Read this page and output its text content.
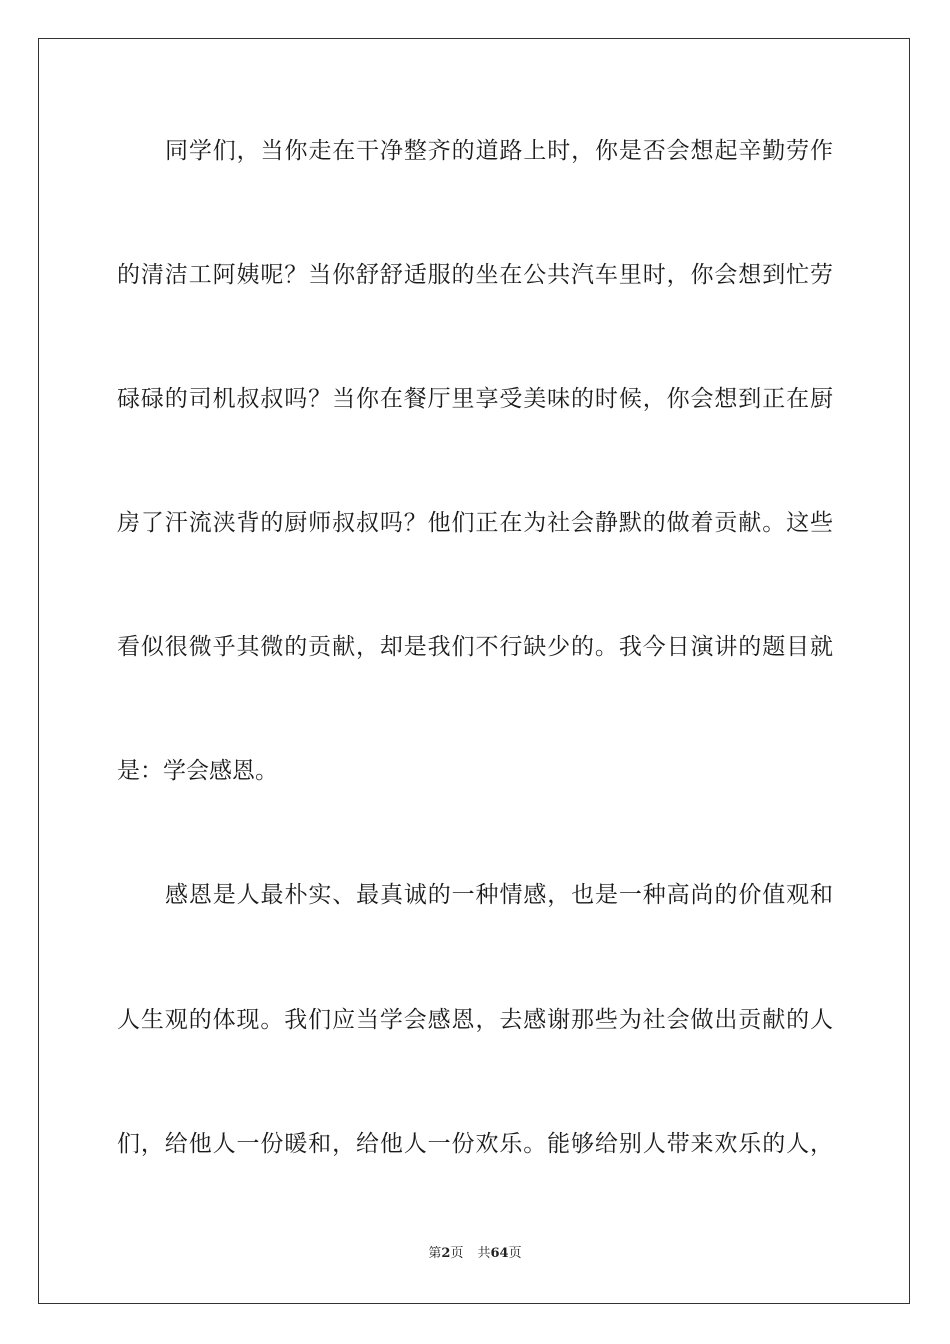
同学们，当你走在干净整齐的道路上时，你是否会想起辛勤劳作
的清洁工阿姨呢？当你舒舒适服的坐在公共汽车里时，你会想到忙劳
碌碌的司机叔叔吗？当你在餐厅里享受美味的时候，你会想到正在厨
房了汗流浃背的厨师叔叔吗？他们正在为社会静默的做着贡献。这些
看似很微乎其微的贡献，却是我们不行缺少的。我今日演讲的题目就
是：学会感恩。
感恩是人最朴实、最真诚的一种情感，也是一种高尚的价值观和
人生观的体现。我们应当学会感恩，去感谢那些为社会做出贡献的人
们，给他人一份暖和，给他人一份欢乐。能够给别人带来欢乐的人，
第2页 共64页
